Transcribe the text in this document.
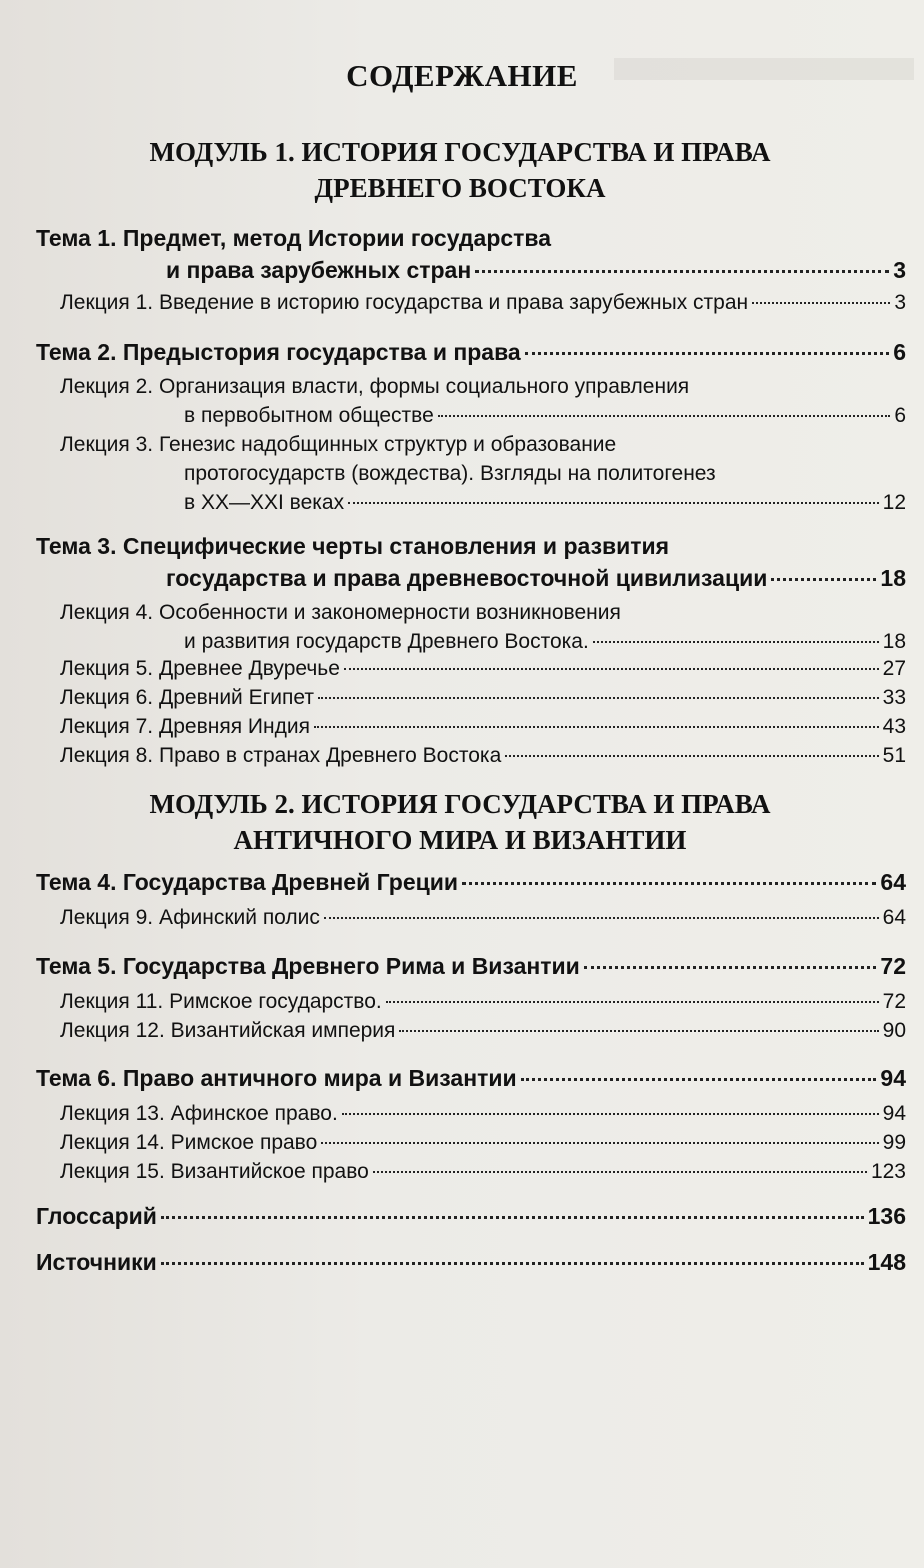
СОДЕРЖАНИЕ
МОДУЛЬ 1. ИСТОРИЯ ГОСУДАРСТВА И ПРАВА
ДРЕВНЕГО ВОСТОКА
Тема 1.
Предмет, метод Истории государства
и права зарубежных стран	3
Лекция 1.
Введение в историю государства и права зарубежных стран	3
Тема 2.
Предыстория государства и права	6
Лекция 2.
Организация власти, формы социального управления
в первобытном обществе	6
Лекция 3.
Генезис надобщинных структур и образование
протогосударств (вождества). Взгляды на политогенез
в XX—XXI веках	12
Тема 3.
Специфические черты становления и развития
государства и права древневосточной цивилизации	18
Лекция 4.
Особенности и закономерности возникновения
и развития государств Древнего Востока.	18
Лекция 5.
Древнее Двуречье	27
Лекция 6.
Древний Египет	33
Лекция 7.
Древняя Индия	43
Лекция 8.
Право в странах Древнего Востока	51
МОДУЛЬ 2. ИСТОРИЯ ГОСУДАРСТВА И ПРАВА
АНТИЧНОГО МИРА И ВИЗАНТИИ
Тема 4.
Государства Древней Греции	64
Лекция 9.
Афинский полис	64
Тема 5.
Государства Древнего Рима и Византии	72
Лекция 11.
Римское государство.	72
Лекция 12.
Византийская империя	90
Тема 6.
Право античного мира и Византии	94
Лекция 13.
Афинское право.	94
Лекция 14.
Римское право	99
Лекция 15.
Византийское право	123
Глоссарий	136
Источники	148
